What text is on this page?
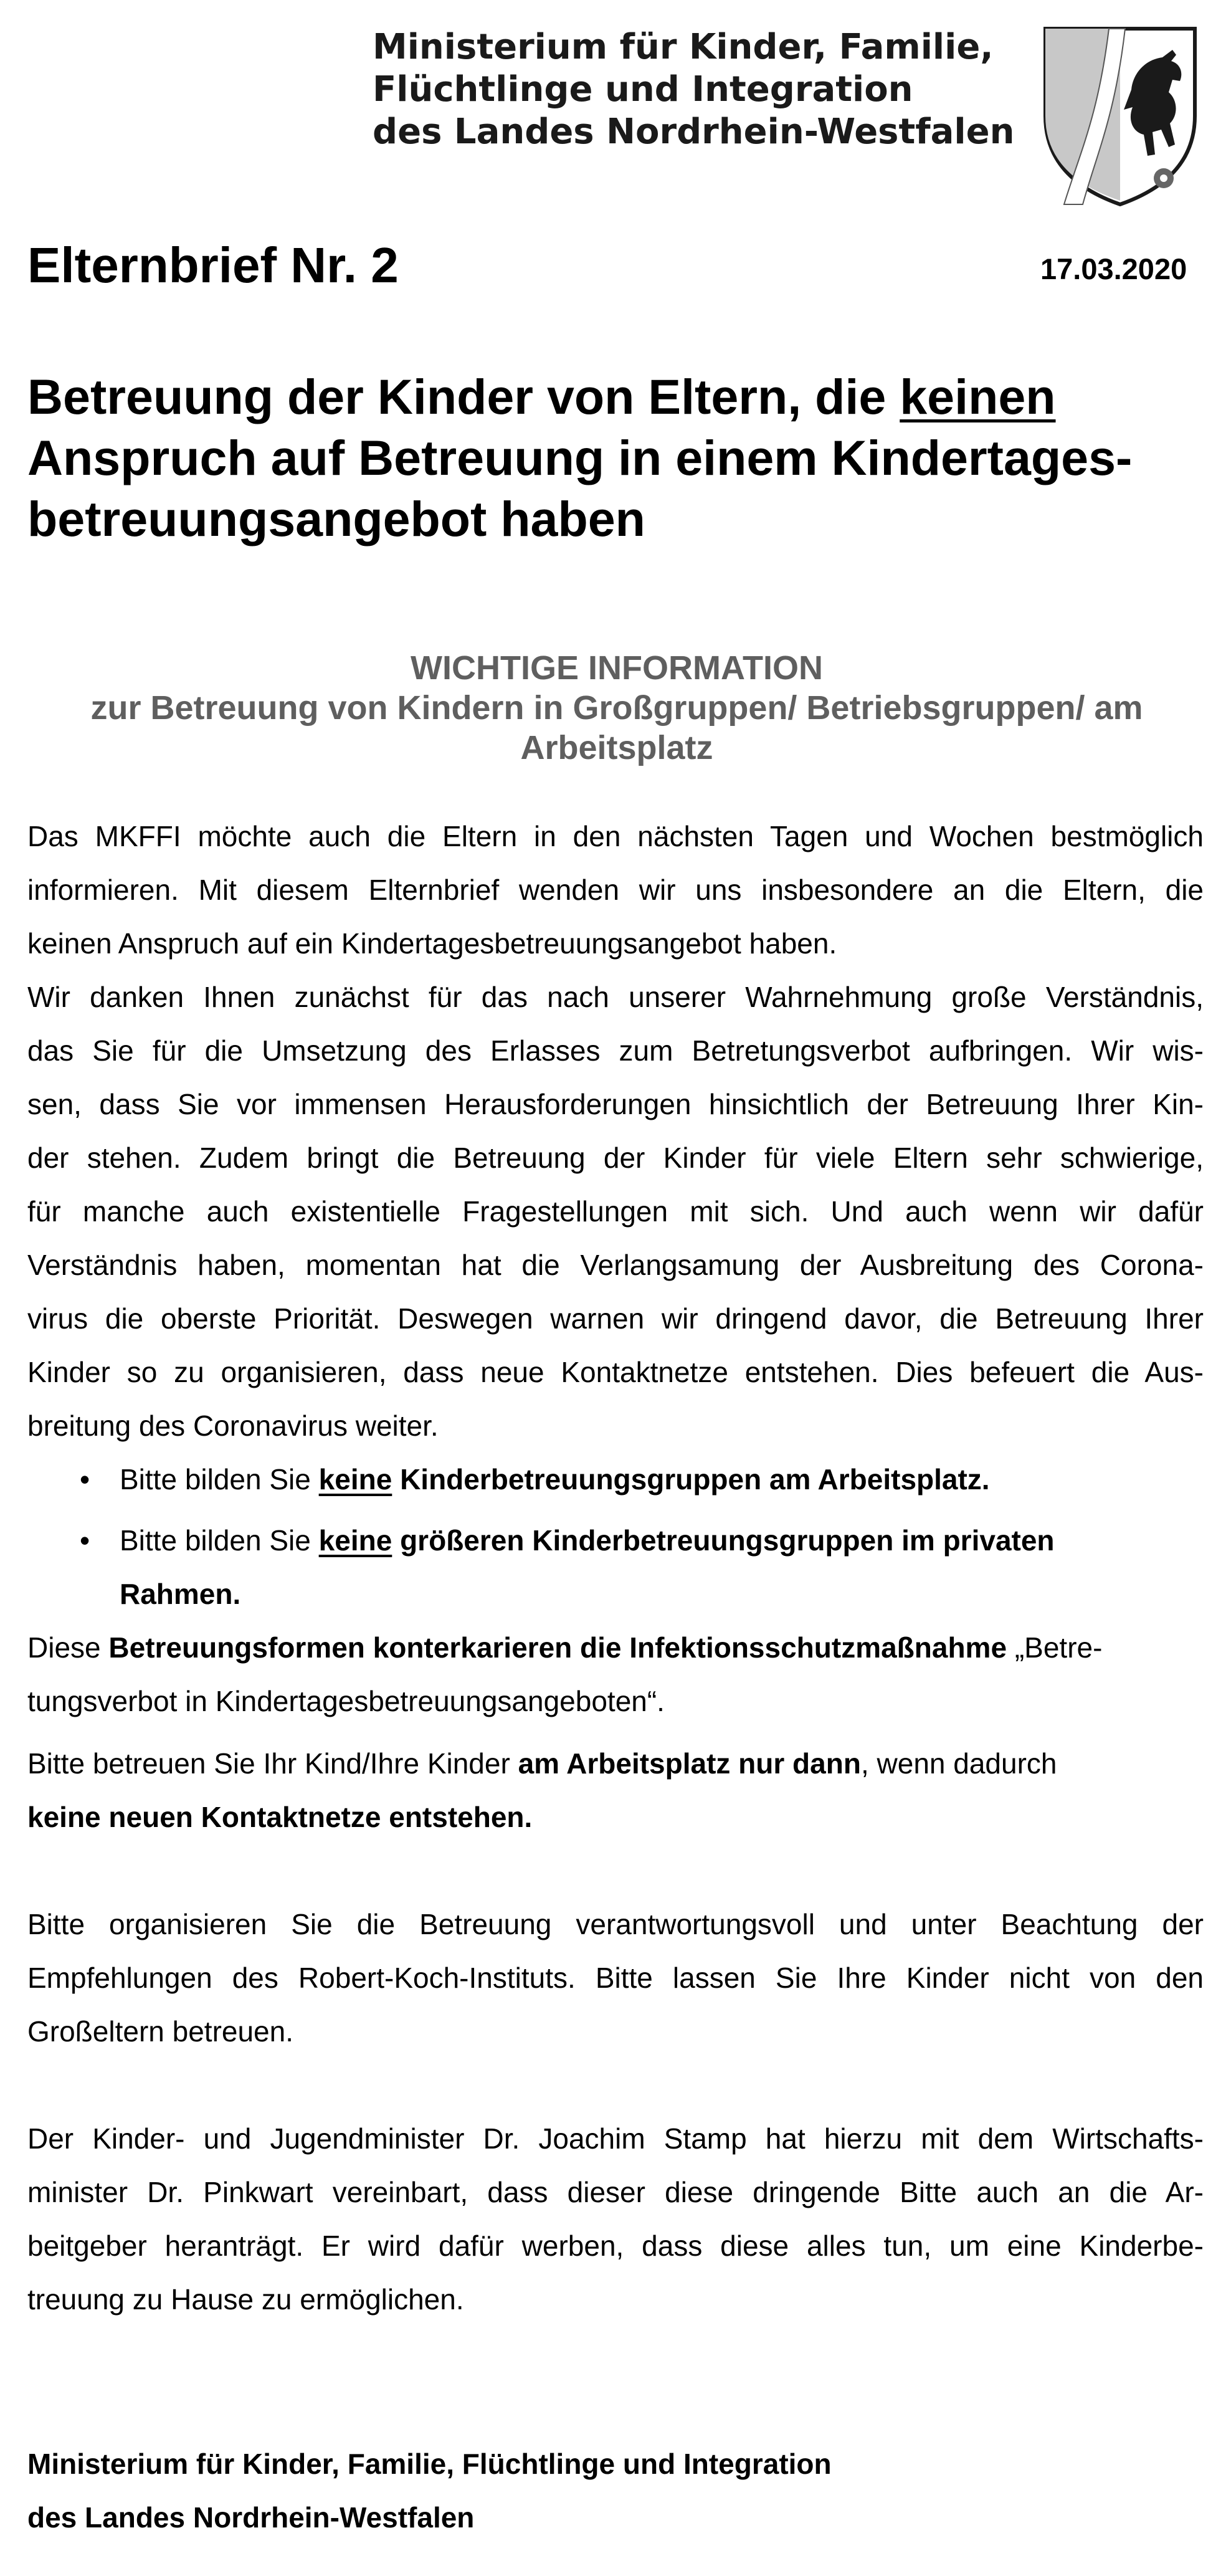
Ministerium für Kinder, Familie,
Flüchtlinge und Integration
des Landes Nordrhein-Westfalen
Elternbrief Nr. 2	17.03.2020
Betreuung der Kinder von Eltern, die keinen
Anspruch auf Betreuung in einem Kindertages-
betreuungsangebot haben
WICHTIGE INFORMATION
zur Betreuung von Kindern in Großgruppen/ Betriebsgruppen/ am
Arbeitsplatz
Das MKFFI möchte auch die Eltern in den nächsten Tagen und Wochen bestmöglich
informieren. Mit diesem Elternbrief wenden wir uns insbesondere an die Eltern, die
keinen Anspruch auf ein Kindertagesbetreuungsangebot haben.
Wir danken Ihnen zunächst für das nach unserer Wahrnehmung große Verständnis,
das Sie für die Umsetzung des Erlasses zum Betretungsverbot aufbringen. Wir wis-
sen, dass Sie vor immensen Herausforderungen hinsichtlich der Betreuung Ihrer Kin-
der stehen. Zudem bringt die Betreuung der Kinder für viele Eltern sehr schwierige,
für manche auch existentielle Fragestellungen mit sich. Und auch wenn wir dafür
Verständnis haben, momentan hat die Verlangsamung der Ausbreitung des Corona-
virus die oberste Priorität. Deswegen warnen wir dringend davor, die Betreuung Ihrer
Kinder so zu organisieren, dass neue Kontaktnetze entstehen. Dies befeuert die Aus-
breitung des Coronavirus weiter.
• Bitte bilden Sie keine Kinderbetreuungsgruppen am Arbeitsplatz.
• Bitte bilden Sie keine größeren Kinderbetreuungsgruppen im privaten
Rahmen.
Diese Betreuungsformen konterkarieren die Infektionsschutzmaßnahme „Betre-
tungsverbot in Kindertagesbetreuungsangeboten“.
Bitte betreuen Sie Ihr Kind/Ihre Kinder am Arbeitsplatz nur dann, wenn dadurch
keine neuen Kontaktnetze entstehen.
Bitte organisieren Sie die Betreuung verantwortungsvoll und unter Beachtung der
Empfehlungen des Robert-Koch-Instituts. Bitte lassen Sie Ihre Kinder nicht von den
Großeltern betreuen.
Der Kinder- und Jugendminister Dr. Joachim Stamp hat hierzu mit dem Wirtschafts-
minister Dr. Pinkwart vereinbart, dass dieser diese dringende Bitte auch an die Ar-
beitgeber heranträgt. Er wird dafür werben, dass diese alles tun, um eine Kinderbe-
treuung zu Hause zu ermöglichen.
Ministerium für Kinder, Familie, Flüchtlinge und Integration
des Landes Nordrhein-Westfalen
